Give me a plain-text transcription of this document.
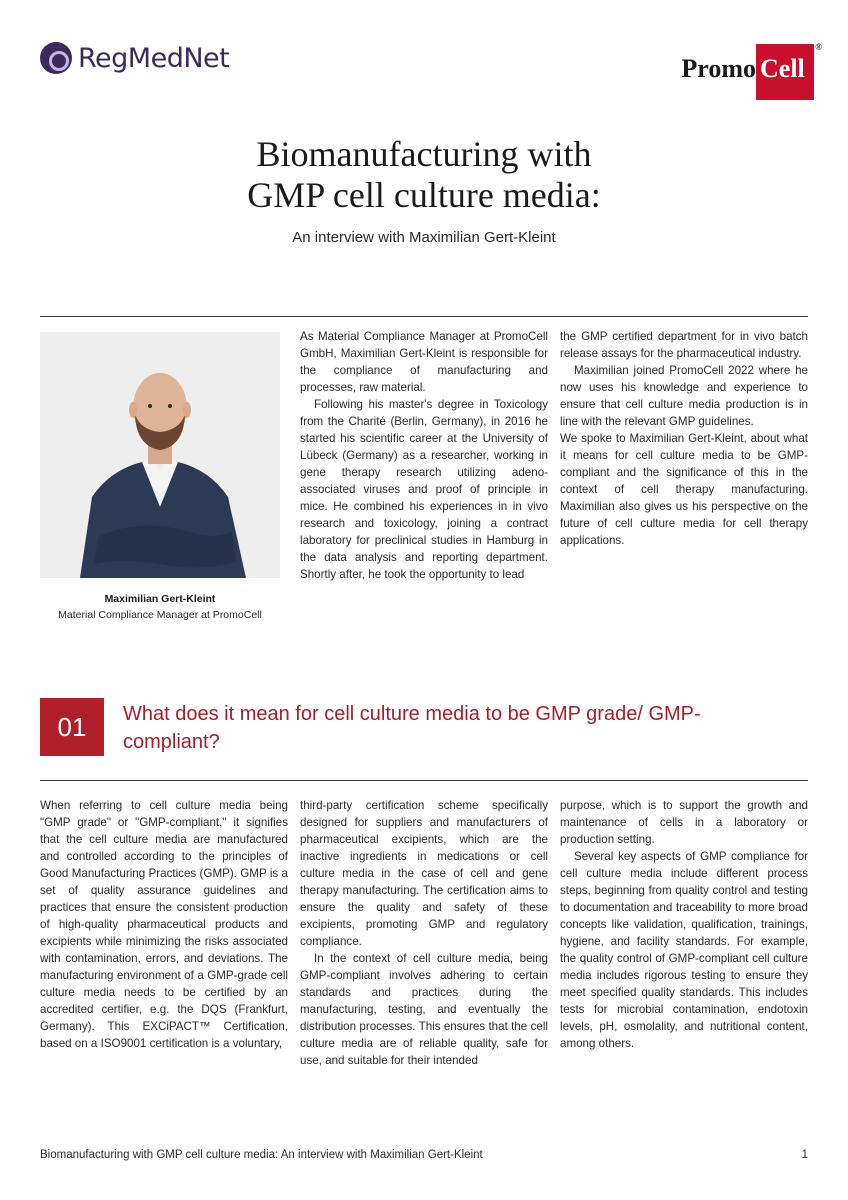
RegMedNet	Promo Cell
®
Biomanufacturing with
GMP cell culture media:
An interview with Maximilian Gert-Kleint
Maximilian Gert-Kleint
Material Compliance Manager at PromoCell

As Material Compliance Manager at PromoCell GmbH, Maximilian Gert-Kleint is responsible for the compliance of manufacturing and processes, raw material.

Following his master's degree in Toxicology from the Charité (Berlin, Germany), in 2016 he started his scientific career at the University of Lübeck (Germany) as a researcher, working in gene therapy research utilizing adeno-associated viruses and proof of principle in mice. He combined his experiences in in vivo research and toxicology, joining a contract laboratory for preclinical studies in Hamburg in the data analysis and reporting department. Shortly after, he took the opportunity to lead

the GMP certified department for in vivo batch release assays for the pharmaceutical industry.

Maximilian joined PromoCell 2022 where he now uses his knowledge and experience to ensure that cell culture media production is in line with the relevant GMP guidelines.

We spoke to Maximilian Gert-Kleint, about what it means for cell culture media to be GMP-compliant and the significance of this in the context of cell therapy manufacturing. Maximilian also gives us his perspective on the future of cell culture media for cell therapy applications.

01	What does it mean for cell culture media to be GMP grade/ GMP-compliant?

When referring to cell culture media being "GMP grade" or "GMP-compliant," it signifies that the cell culture media are manufactured and controlled according to the principles of Good Manufacturing Practices (GMP). GMP is a set of quality assurance guidelines and practices that ensure the consistent production of high-quality pharmaceutical products and excipients while minimizing the risks associated with contamination, errors, and deviations. The manufacturing environment of a GMP-grade cell culture media needs to be certified by an accredited certifier, e.g. the DQS (Frankfurt, Germany). This EXCiPACT™ Certification, based on a ISO9001 certification is a voluntary,

third-party certification scheme specifically designed for suppliers and manufacturers of pharmaceutical excipients, which are the inactive ingredients in medications or cell culture media in the case of cell and gene therapy manufacturing. The certification aims to ensure the quality and safety of these excipients, promoting GMP and regulatory compliance.

In the context of cell culture media, being GMP-compliant involves adhering to certain standards and practices during the manufacturing, testing, and eventually the distribution processes. This ensures that the cell culture media are of reliable quality, safe for use, and suitable for their intended

purpose, which is to support the growth and maintenance of cells in a laboratory or production setting.

Several key aspects of GMP compliance for cell culture media include different process steps, beginning from quality control and testing to documentation and traceability to more broad concepts like validation, qualification, trainings, hygiene, and facility standards. For example, the quality control of GMP-compliant cell culture media includes rigorous testing to ensure they meet specified quality standards. This includes tests for microbial contamination, endotoxin levels, pH, osmolality, and nutritional content, among others.

Biomanufacturing with GMP cell culture media: An interview with Maximilian Gert-Kleint	1
